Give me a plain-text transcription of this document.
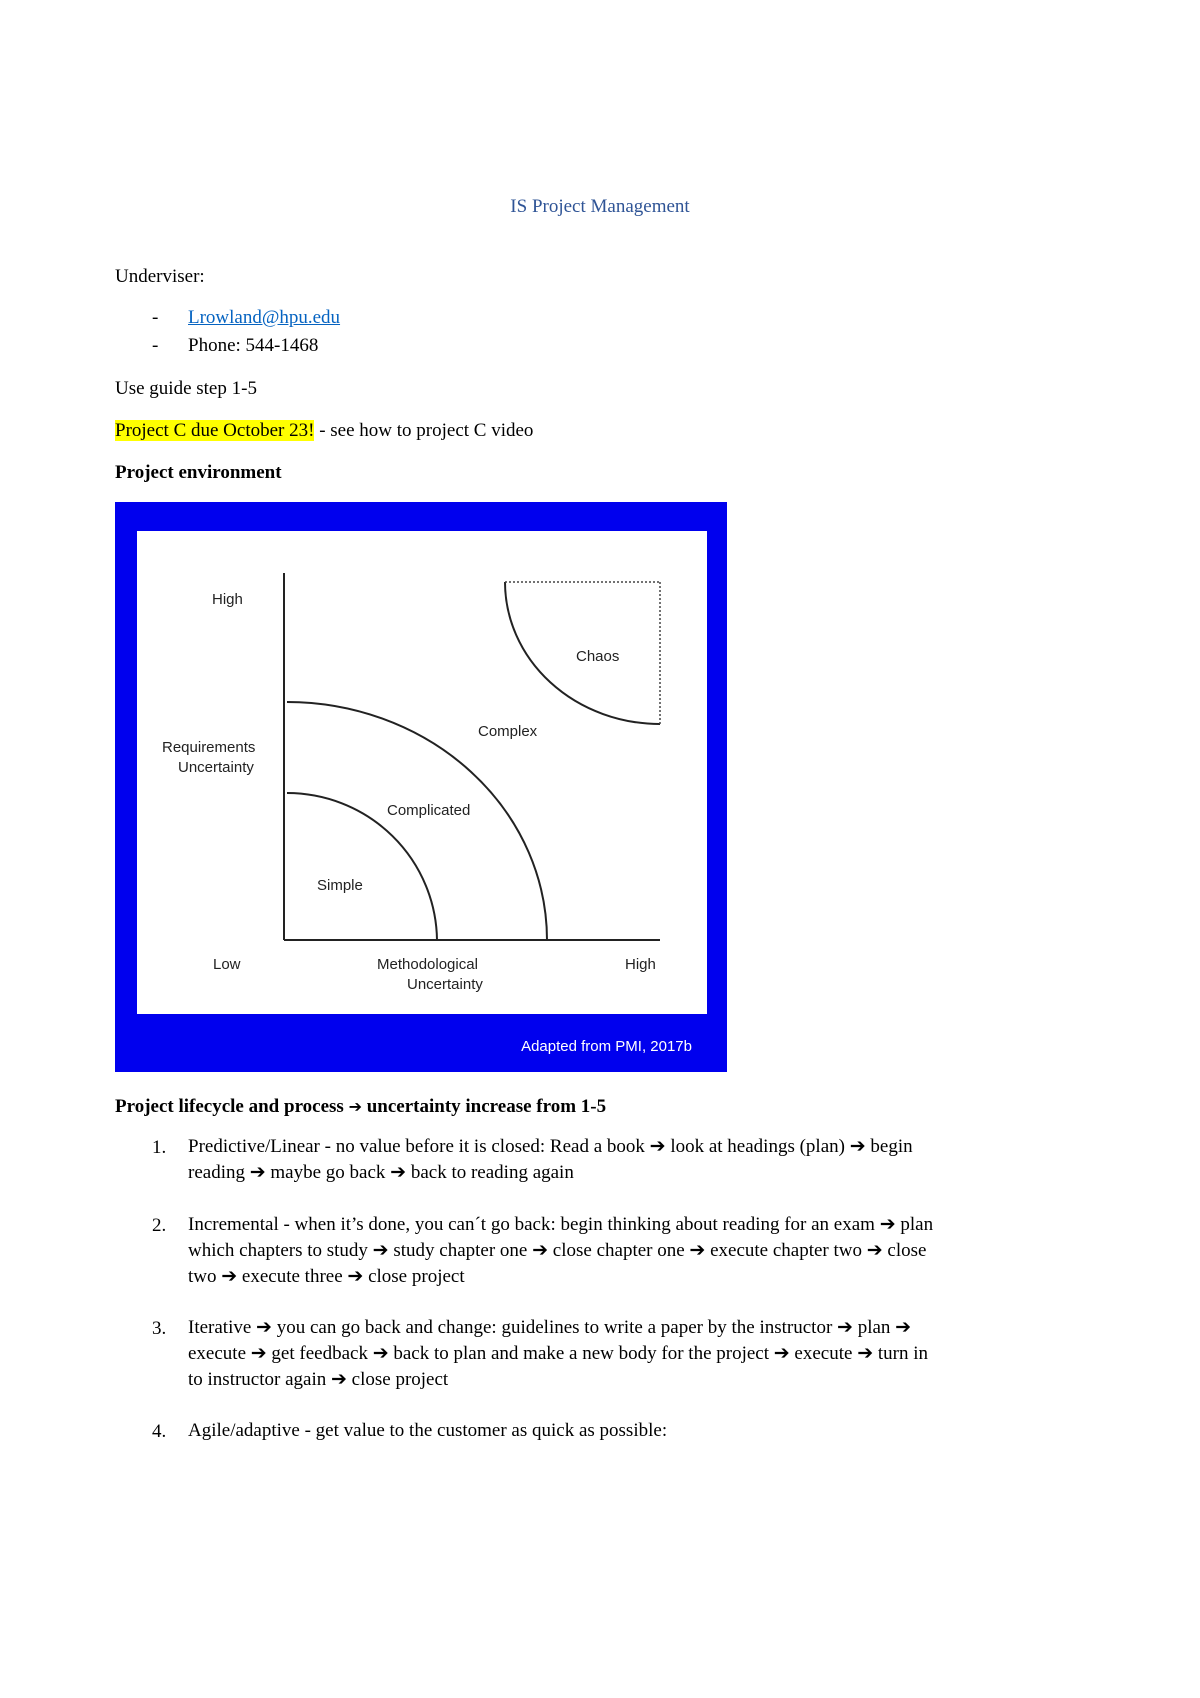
IS Project Management
Underviser:
- Lrowland@hpu.edu
- Phone: 544-1468
Use guide step 1-5
Project C due October 23! - see how to project C video
Project environment
High
Requirements
Uncertainty
Low	Methodological
Uncertainty
High
Simple
Complicated
Complex
Chaos
Adapted from PMI, 2017b
Project lifecycle and process ➔ uncertainty increase from 1-5
1. Predictive/Linear - no value before it is closed: Read a book ➔ look at headings (plan) ➔ begin
reading ➔ maybe go back ➔ back to reading again
2. Incremental - when it’s done, you can´t go back: begin thinking about reading for an exam ➔ plan
which chapters to study ➔ study chapter one ➔ close chapter one ➔ execute chapter two ➔ close
two ➔ execute three ➔ close project
3. Iterative ➔ you can go back and change: guidelines to write a paper by the instructor ➔ plan ➔
execute ➔ get feedback ➔ back to plan and make a new body for the project ➔ execute ➔ turn in
to instructor again ➔ close project
4. Agile/adaptive - get value to the customer as quick as possible:
